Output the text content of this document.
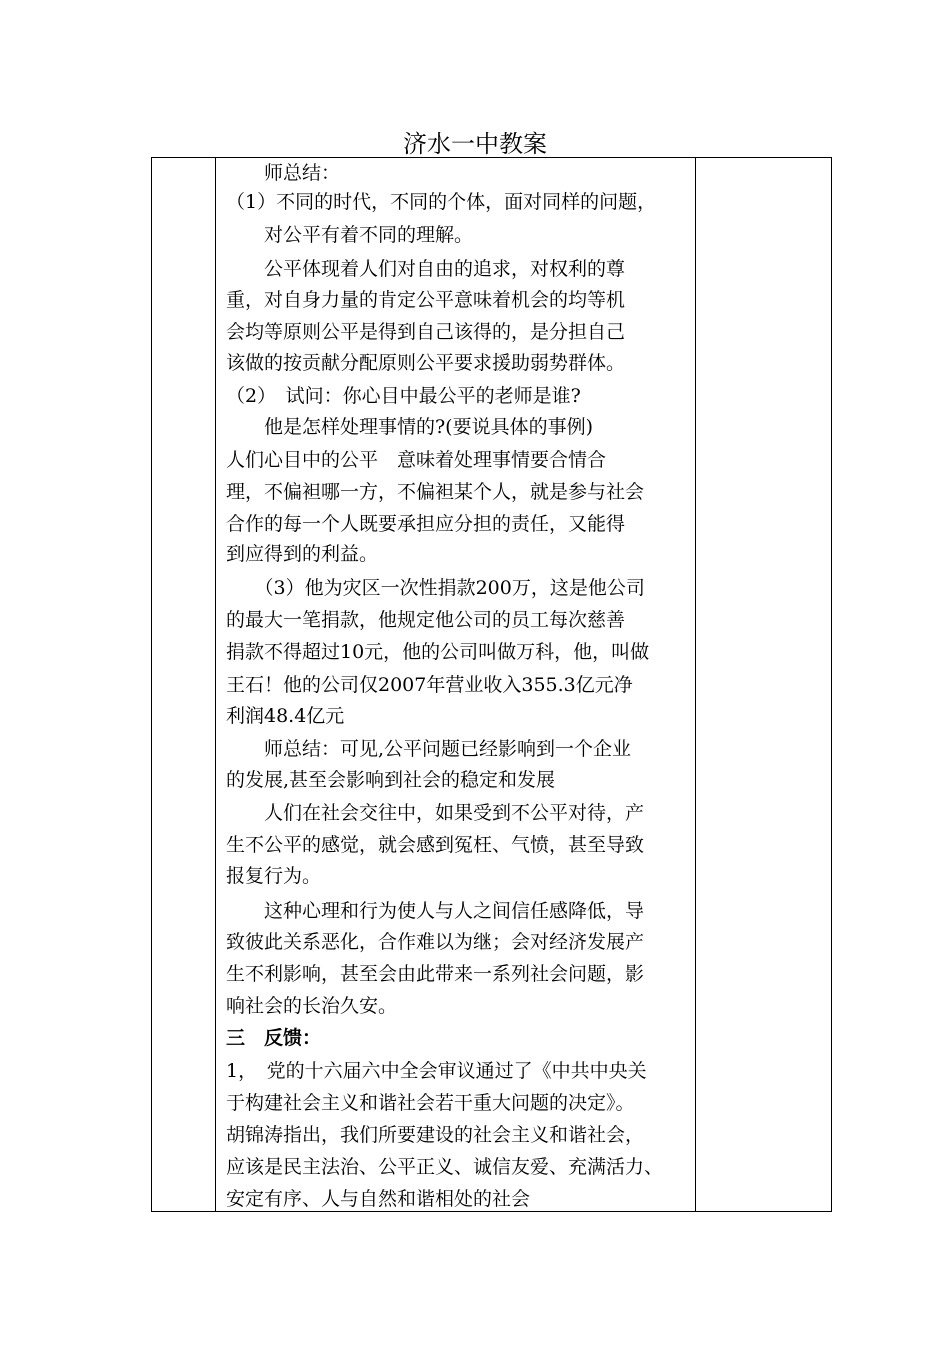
济水一中教案
　　师总结：
（1）不同的时代，不同的个体，面对同样的问题，
　　对公平有着不同的理解。
　　公平体现着人们对自由的追求，对权利的尊
重，对自身力量的肯定公平意味着机会的均等机
会均等原则公平是得到自己该得的，是分担自己
该做的按贡献分配原则公平要求援助弱势群体。
（2）　试问：你心目中最公平的老师是谁?
　　他是怎样处理事情的?(要说具体的事例)
人们心目中的公平　意味着处理事情要合情合
理，不偏袒哪一方，不偏袒某个人，就是参与社会
合作的每一个人既要承担应分担的责任，又能得
到应得到的利益。
　　（3）他为灾区一次性捐款200万，这是他公司
的最大一笔捐款，他规定他公司的员工每次慈善
捐款不得超过10元，他的公司叫做万科，他，叫做
王石！他的公司仅2007年营业收入355.3亿元净
利润48.4亿元
　　师总结：可见,公平问题已经影响到一个企业
的发展,甚至会影响到社会的稳定和发展
　　人们在社会交往中，如果受到不公平对待，产
生不公平的感觉，就会感到冤枉、气愤，甚至导致
报复行为。
　　这种心理和行为使人与人之间信任感降低，导
致彼此关系恶化，合作难以为继；会对经济发展产
生不利影响，甚至会由此带来一系列社会问题，影
响社会的长治久安。
三　反馈：
1，　党的十六届六中全会审议通过了《中共中央关
于构建社会主义和谐社会若干重大问题的决定》。
胡锦涛指出，我们所要建设的社会主义和谐社会，
应该是民主法治、公平正义、诚信友爱、充满活力、
安定有序、人与自然和谐相处的社会
